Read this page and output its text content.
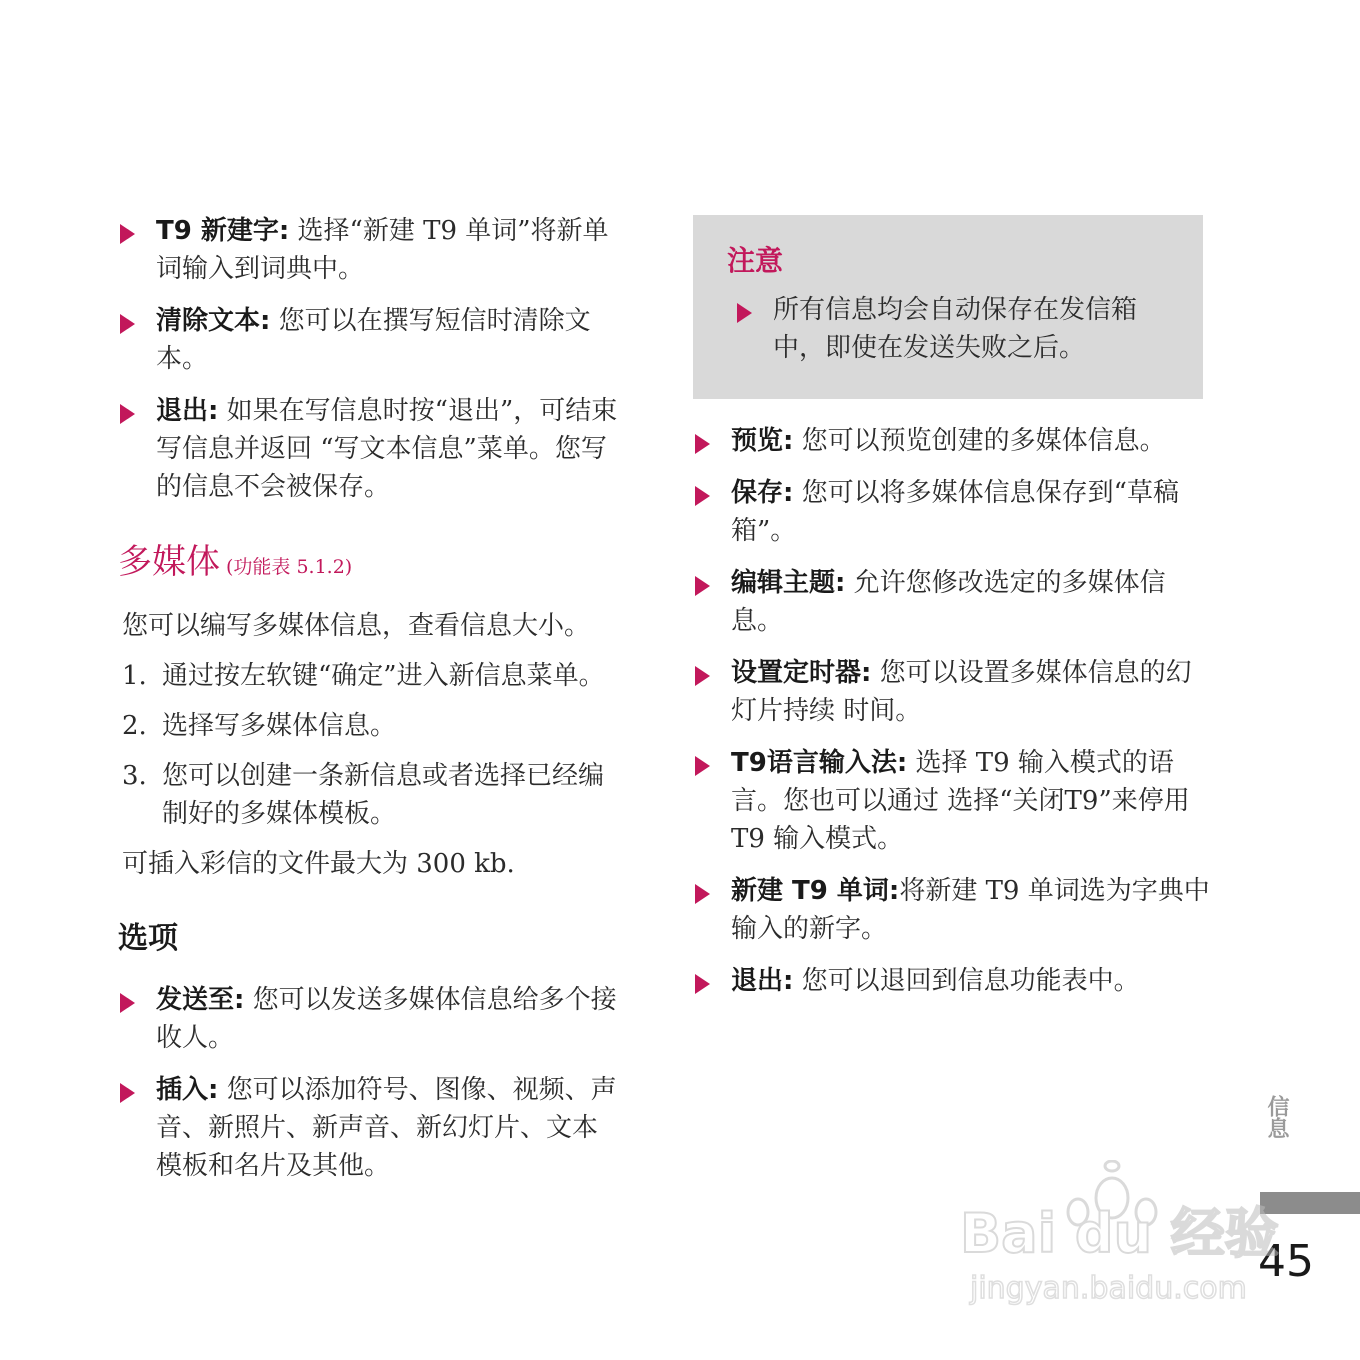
T9 新建字: 选择“新建 T9 单词”将新单词输入到词典中。
清除文本: 您可以在撰写短信时清除文本。
退出: 如果在写信息时按“退出”，可结束写信息并返回 “写文本信息”菜单。您写的信息不会被保存。
多媒体 (功能表 5.1.2)
您可以编写多媒体信息，查看信息大小。
1. 通过按左软键“确定”进入新信息菜单。
2. 选择写多媒体信息。
3. 您可以创建一条新信息或者选择已经编制好的多媒体模板。
可插入彩信的文件最大为 300 kb.
选项
发送至: 您可以发送多媒体信息给多个接收人。
插入: 您可以添加符号、图像、视频、声音、新照片、新声音、新幻灯片、文本模板和名片及其他。
注意
所有信息均会自动保存在发信箱中，即使在发送失败之后。
预览: 您可以预览创建的多媒体信息。
保存: 您可以将多媒体信息保存到“草稿箱”。
编辑主题: 允许您修改选定的多媒体信息。
设置定时器: 您可以设置多媒体信息的幻灯片持续 时间。
T9语言输入法: 选择 T9 输入模式的语言。您也可以通过 选择“关闭T9”来停用 T9 输入模式。
新建 T9 单词:将新建 T9 单词选为字典中输入的新字。
退出: 您可以退回到信息功能表中。
信息
45
Bai du 经验
jingyan.baidu.com
